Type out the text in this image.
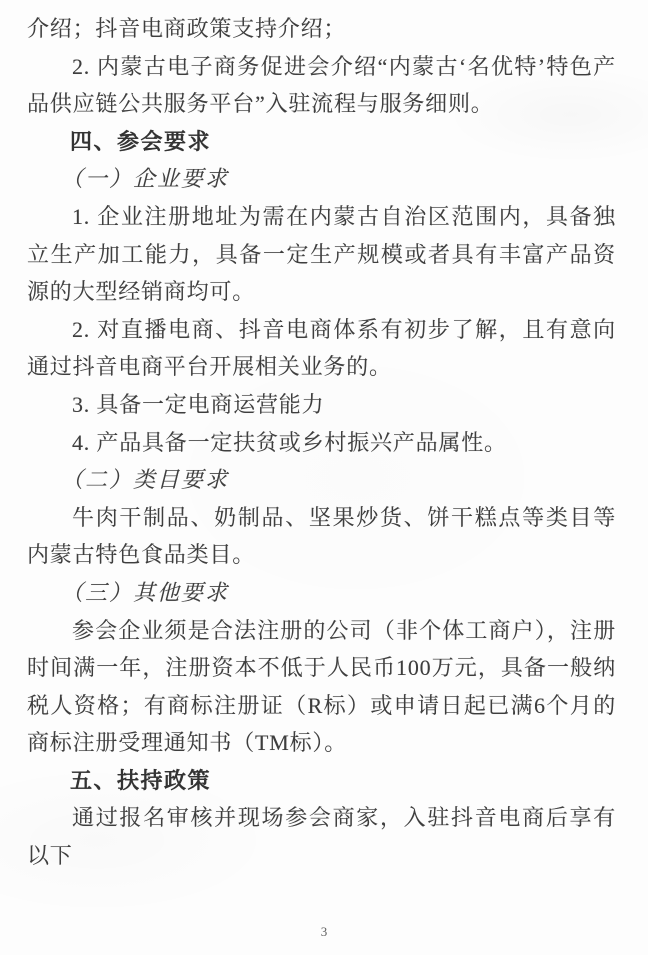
介绍；抖音电商政策支持介绍；
2. 内蒙古电子商务促进会介绍“内蒙古‘名优特’特色产品供应链公共服务平台”入驻流程与服务细则。
四、参会要求
（一）企业要求
1. 企业注册地址为需在内蒙古自治区范围内，具备独立生产加工能力，具备一定生产规模或者具有丰富产品资源的大型经销商均可。
2. 对直播电商、抖音电商体系有初步了解，且有意向通过抖音电商平台开展相关业务的。
3. 具备一定电商运营能力
4. 产品具备一定扶贫或乡村振兴产品属性。
（二）类目要求
牛肉干制品、奶制品、坚果炒货、饼干糕点等类目等内蒙古特色食品类目。
（三）其他要求
参会企业须是合法注册的公司（非个体工商户），注册时间满一年，注册资本不低于人民币100万元，具备一般纳税人资格；有商标注册证（R标）或申请日起已满6个月的商标注册受理通知书（TM标）。
五、扶持政策
通过报名审核并现场参会商家，入驻抖音电商后享有以下
3
